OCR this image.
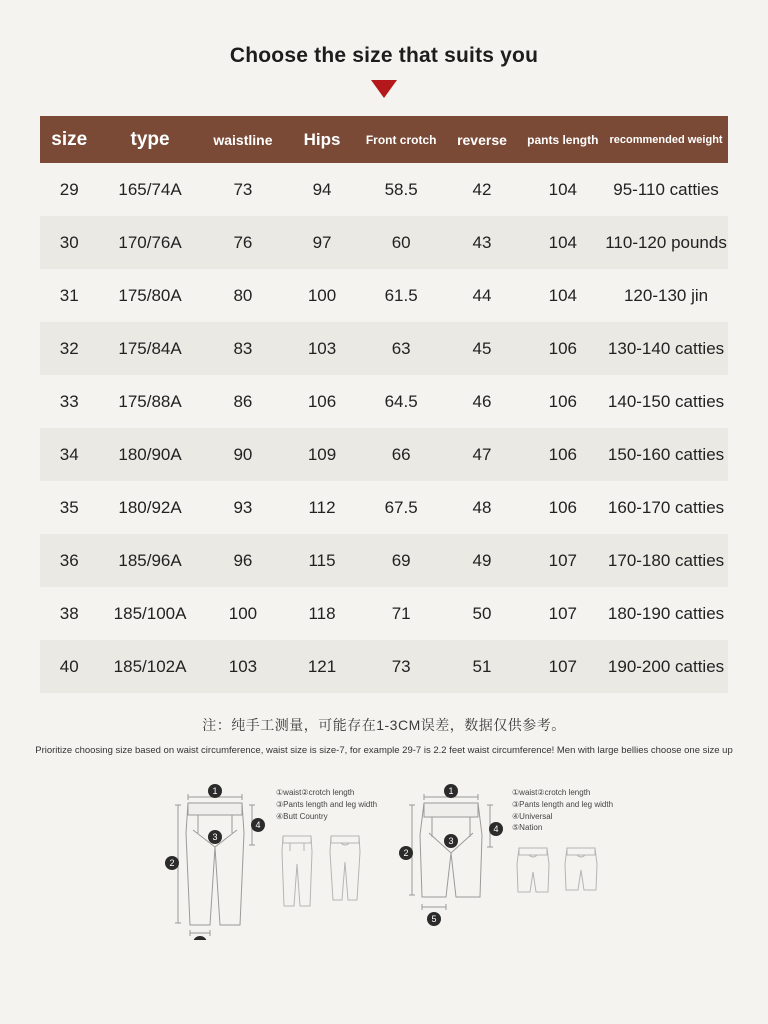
Choose the size that suits you
size	type	waistline	Hips	Front crotch	reverse	pants length	recommended weight
29	165/74A	73	94	58.5	42	104	95-110 catties
30	170/76A	76	97	60	43	104	110-120 pounds
31	175/80A	80	100	61.5	44	104	120-130 jin
32	175/84A	83	103	63	45	106	130-140 catties
33	175/88A	86	106	64.5	46	106	140-150 catties
34	180/90A	90	109	66	47	106	150-160 catties
35	180/92A	93	112	67.5	48	106	160-170 catties
36	185/96A	96	115	69	49	107	170-180 catties
38	185/100A	100	118	71	50	107	180-190 catties
40	185/102A	103	121	73	51	107	190-200 catties
注：纯手工测量，可能存在1-3CM误差，数据仅供参考。
Prioritize choosing size based on waist circumference, waist size is size-7, for example 29-7 is 2.2 feet waist circumference! Men with large bellies choose one size up
1
2
3
4
①waist②crotch length
③Pants length and leg width
④Butt Country
1
2
3
4
5
①waist②crotch length
③Pants length and leg width
④Universal
⑤Nation
